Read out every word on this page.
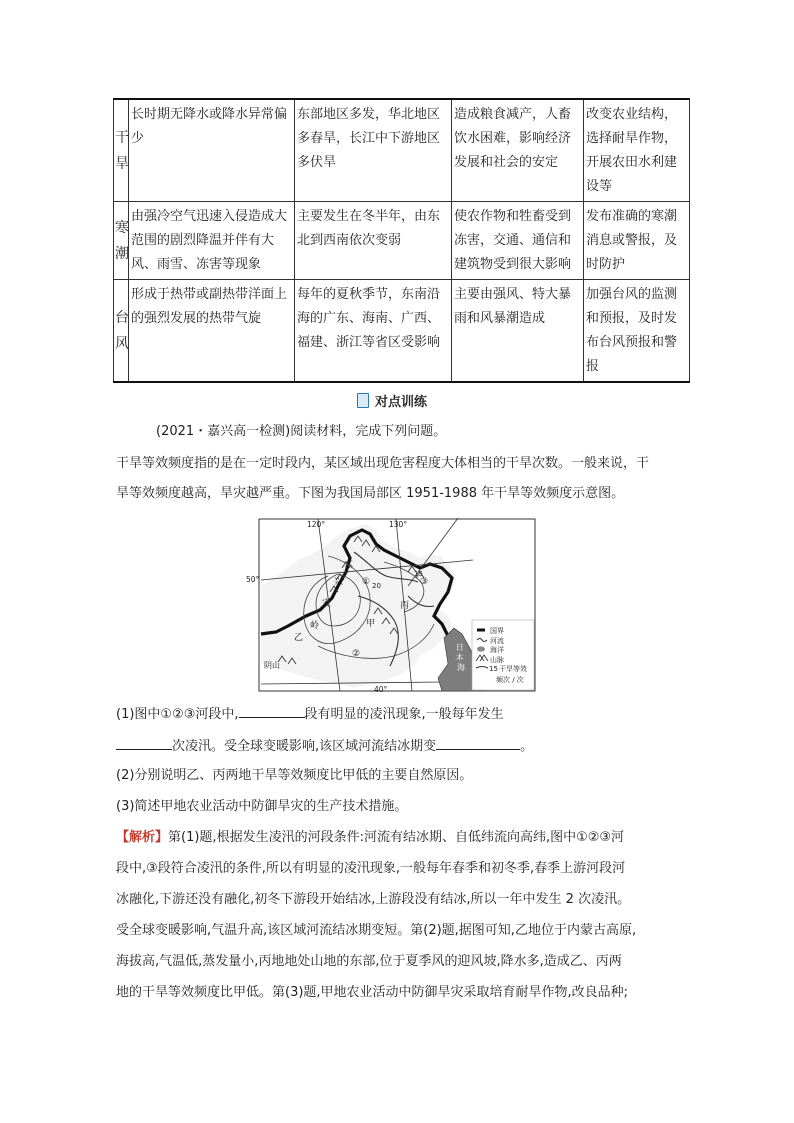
干旱	长时期无降水或降水异常偏少	东部地区多发，华北地区多春旱，长江中下游地区多伏旱	造成粮食减产，人畜饮水困难，影响经济发展和社会的安定	改变农业结构，选择耐旱作物，开展农田水利建设等
寒潮	由强冷空气迅速入侵造成大范围的剧烈降温并伴有大风、雨雪、冻害等现象	主要发生在冬半年，由东北到西南依次变弱	使农作物和牲畜受到冻害，交通、通信和建筑物受到很大影响	发布准确的寒潮消息或警报，及时防护
台风	形成于热带或副热带洋面上的强烈发展的热带气旋	每年的夏秋季节，东南沿海的广东、海南、广西、福建、浙江等省区受影响	主要由强风、特大暴雨和风暴潮造成	加强台风的监测和预报，及时发布台风预报和警报
对点训练
(2021・嘉兴高一检测)阅读材料，完成下列问题。
干旱等效频度指的是在一定时段内，某区域出现危害程度大体相当的干旱次数。一般来说，干
旱等效频度越高，旱灾越严重。下图为我国局部区 1951-1988 年干旱等效频度示意图。
120°	130°
50°
40°
大
兴
安
岭
乙
甲
丙
阴山
①
②
③
15
20
日 本 海
国界
河流
海洋
山脉
15 干旱等效
频次 / 次
(1)图中①②③河段中,	段有明显的凌汛现象,一般每年发生
次凌汛。受全球变暖影响,该区域河流结冰期变	。
(2)分别说明乙、丙两地干旱等效频度比甲低的主要自然原因。
(3)简述甲地农业活动中防御旱灾的生产技术措施。
【解析】第(1)题,根据发生凌汛的河段条件:河流有结冰期、自低纬流向高纬,图中①②③河
段中,③段符合凌汛的条件,所以有明显的凌汛现象,一般每年春季和初冬季,春季上游河段河
冰融化,下游还没有融化,初冬下游段开始结冰,上游段没有结冰,所以一年中发生 2 次凌汛。
受全球变暖影响,气温升高,该区域河流结冰期变短。第(2)题,据图可知,乙地位于内蒙古高原,
海拔高,气温低,蒸发量小,丙地地处山地的东部,位于夏季风的迎风坡,降水多,造成乙、丙两
地的干旱等效频度比甲低。第(3)题,甲地农业活动中防御旱灾采取培育耐旱作物,改良品种;
